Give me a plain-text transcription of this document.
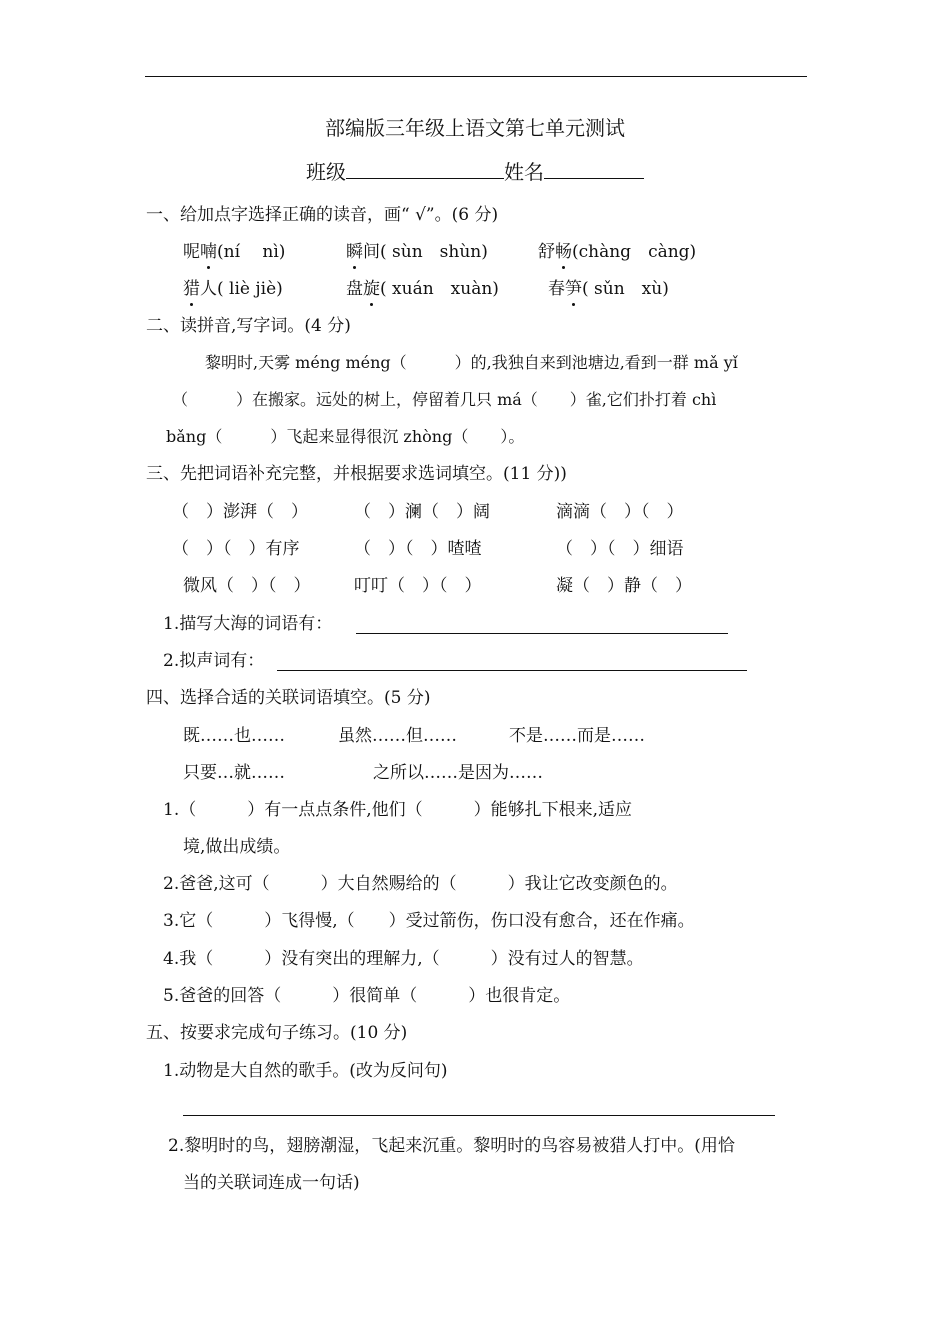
部编版三年级上语文第七单元测试
班级	姓名
一、给加点字选择正确的读音，画“ √”。(6 分)
呢喃(ní　 nì)	瞬间( sùn　shùn)	舒畅(chàng　càng)
猎人( liè jiè)	盘旋( xuán　xuàn)	春笋( sǔn　xù)
二、读拼音,写字词。(4 分)
黎明时,天雾 méng méng（　　　）的,我独自来到池塘边,看到一群 mǎ yǐ
（　　　）在搬家。远处的树上，停留着几只 má（　　）雀,它们扑打着 chì
bǎng（　　　）飞起来显得很沉 zhòng（　　）。
三、先把词语补充完整，并根据要求选词填空。(11 分))
（　）澎湃（　）	（　）澜（　）阔	滴滴（　）（　）
（　）（　）有序	（　）（　）喳喳	（　）（　）细语
微风（　）（　）	叮叮（　）（　）	凝（　）静（　）
1.描写大海的词语有：
2.拟声词有：
四、选择合适的关联词语填空。(5 分)
既……也……	虽然……但……	不是……而是……
只要…就……	之所以……是因为……
1.（　　　）有一点点条件,他们（　　　）能够扎下根来,适应
境,做出成绩。
2.爸爸,这可（　　　）大自然赐给的（　　　）我让它改变颜色的。
3.它（　　　）飞得慢,（　　）受过箭伤，伤口没有愈合，还在作痛。
4.我（　　　）没有突出的理解力,（　　　）没有过人的智慧。
5.爸爸的回答（　　　）很简单（　　　）也很肯定。
五、按要求完成句子练习。(10 分)
1.动物是大自然的歌手。(改为反问句)
2.黎明时的鸟，翅膀潮湿，飞起来沉重。黎明时的鸟容易被猎人打中。(用恰
当的关联词连成一句话)
